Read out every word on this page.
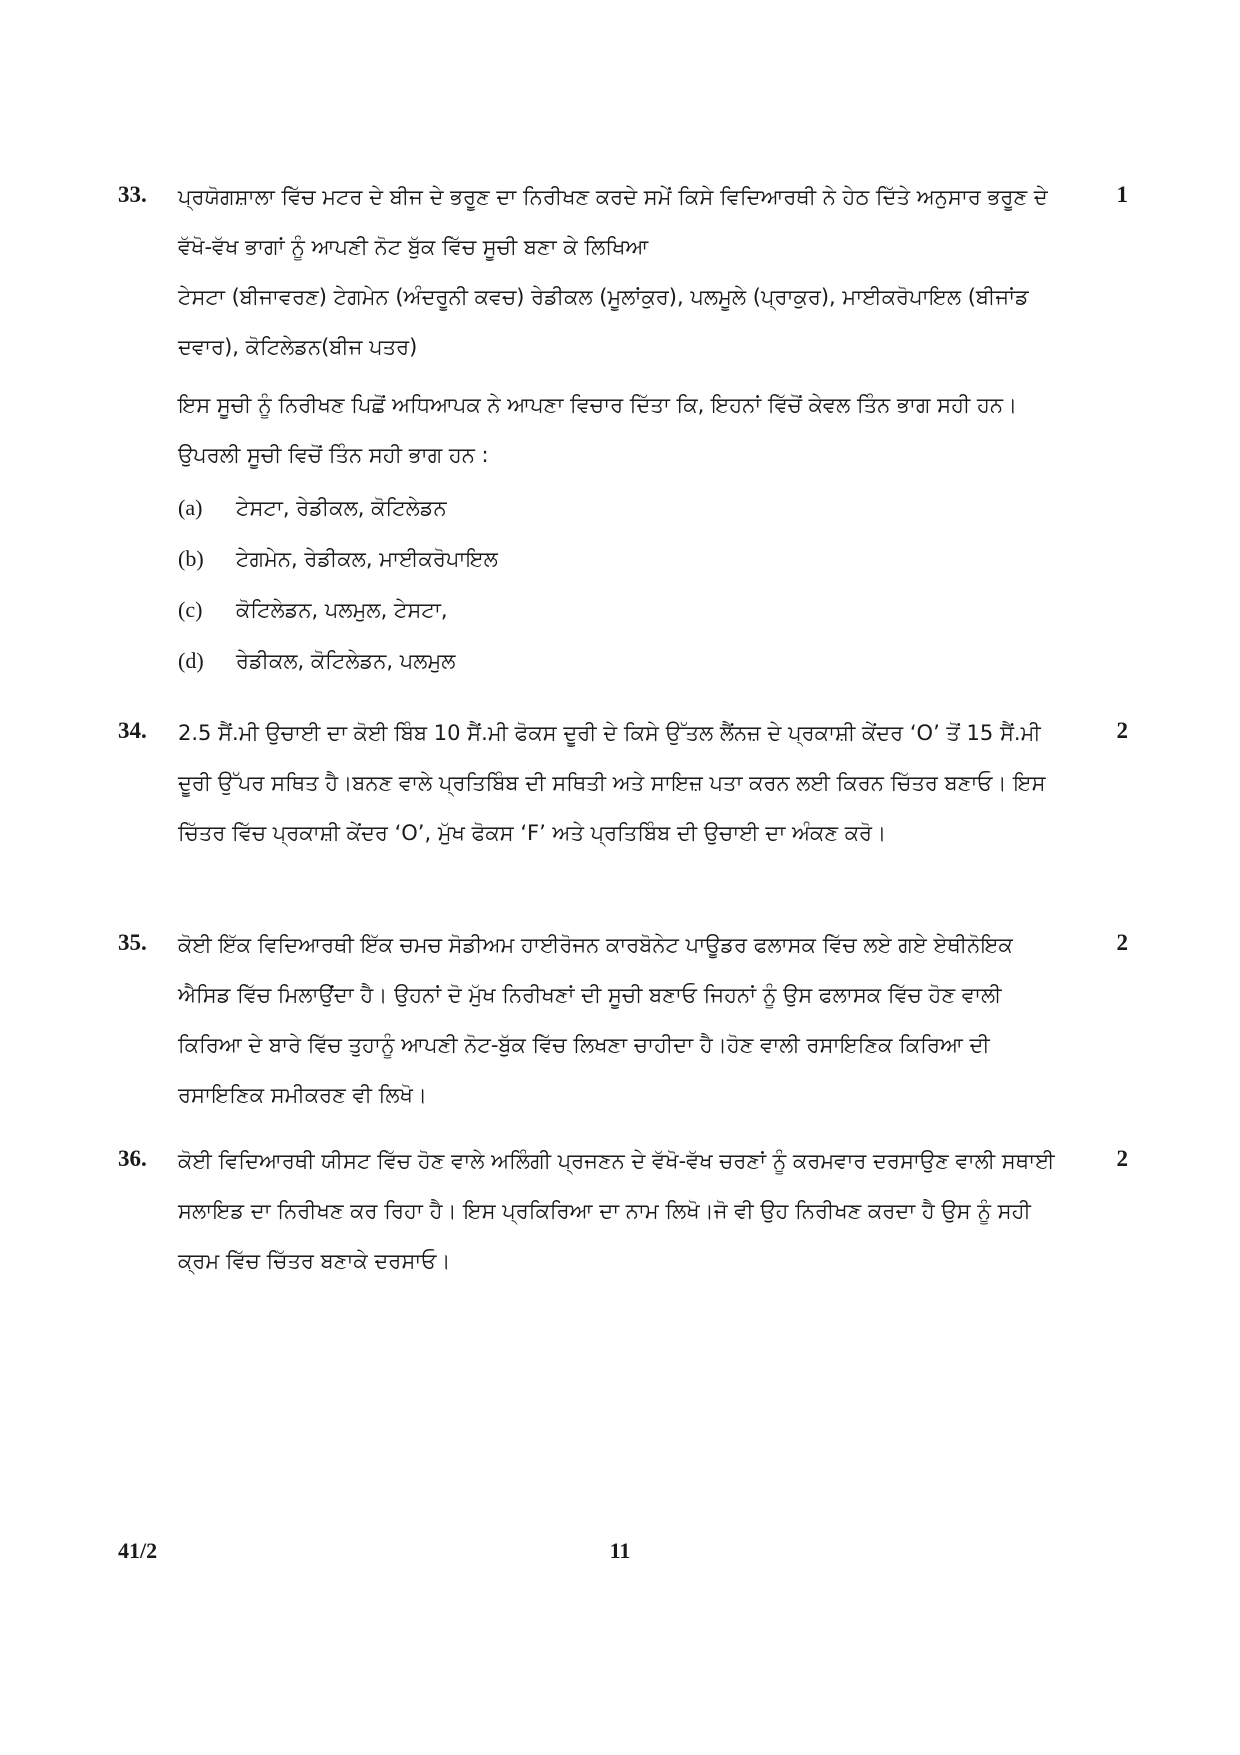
33.	1

ਪ੍ਰਯੋਗਸ਼ਾਲਾ ਵਿੱਚ ਮਟਰ ਦੇ ਬੀਜ ਦੇ ਭਰੂਣ ਦਾ ਨਿਰੀਖਣ ਕਰਦੇ ਸਮੇਂ ਕਿਸੇ ਵਿਦਿਆਰਥੀ ਨੇ ਹੇਠ ਦਿੱਤੇ ਅਨੁਸਾਰ ਭਰੂਣ ਦੇ ਵੱਖੋ-ਵੱਖ ਭਾਗਾਂ ਨੂੰ ਆਪਣੀ ਨੋਟ ਬੁੱਕ ਵਿੱਚ ਸੂਚੀ ਬਣਾ ਕੇ ਲਿਖਿਆ

ਟੇਸਟਾ (ਬੀਜਾਵਰਣ) ਟੇਗਮੇਨ (ਅੰਦਰੂਨੀ ਕਵਚ) ਰੇਡੀਕਲ (ਮੂਲਾਂਕੁਰ), ਪਲਮੂਲੇ (ਪ੍ਰਾਕੁਰ), ਮਾਈਕਰੋਪਾਇਲ (ਬੀਜਾਂਡ ਦਵਾਰ), ਕੋਟਿਲੇਡਨ(ਬੀਜ ਪਤਰ)

ਇਸ ਸੂਚੀ ਨੂੰ ਨਿਰੀਖਣ ਪਿਛੋਂ ਅਧਿਆਪਕ ਨੇ ਆਪਣਾ ਵਿਚਾਰ ਦਿੱਤਾ ਕਿ, ਇਹਨਾਂ ਵਿੱਚੋਂ ਕੇਵਲ ਤਿੰਨ ਭਾਗ ਸਹੀ ਹਨ। ਉਪਰਲੀ ਸੂਚੀ ਵਿਚੋਂ ਤਿੰਨ ਸਹੀ ਭਾਗ ਹਨ :

(a)	ਟੇਸਟਾ, ਰੇਡੀਕਲ, ਕੋਟਿਲੇਡਨ
(b)	ਟੇਗਮੇਨ, ਰੇਡੀਕਲ, ਮਾਈਕਰੋਪਾਇਲ
(c)	ਕੋਟਿਲੇਡਨ, ਪਲਮੁਲ, ਟੇਸਟਾ,
(d)	ਰੇਡੀਕਲ, ਕੋਟਿਲੇਡਨ, ਪਲਮੁਲ
34.	2

2.5 ਸੈਂ.ਮੀ ਉਚਾਈ ਦਾ ਕੋਈ ਬਿੰਬ 10 ਸੈਂ.ਮੀ ਫੋਕਸ ਦੂਰੀ ਦੇ ਕਿਸੇ ਉੱਤਲ ਲੈਂਨਜ਼ ਦੇ ਪ੍ਰਕਾਸ਼ੀ ਕੇਂਦਰ ‘O’ ਤੋਂ 15 ਸੈਂ.ਮੀ ਦੂਰੀ ਉੱਪਰ ਸਥਿਤ ਹੈ।ਬਨਣ ਵਾਲੇ ਪ੍ਰਤਿਬਿੰਬ ਦੀ ਸਥਿਤੀ ਅਤੇ ਸਾਇਜ਼ ਪਤਾ ਕਰਨ ਲਈ ਕਿਰਨ ਚਿੱਤਰ ਬਣਾਓ। ਇਸ ਚਿੱਤਰ ਵਿੱਚ ਪ੍ਰਕਾਸ਼ੀ ਕੇਂਦਰ ‘O’, ਮੁੱਖ ਫੋਕਸ ‘F’ ਅਤੇ ਪ੍ਰਤਿਬਿੰਬ ਦੀ ਉਚਾਈ ਦਾ ਅੰਕਣ ਕਰੋ।

35.	2

ਕੋਈ ਇੱਕ ਵਿਦਿਆਰਥੀ ਇੱਕ ਚਮਚ ਸੋਡੀਅਮ ਹਾਈਰੋਜਨ ਕਾਰਬੋਨੇਟ ਪਾਊਡਰ ਫਲਾਸਕ ਵਿੱਚ ਲਏ ਗਏ ਏਥੀਨੋਇਕ ਐਸਿਡ ਵਿੱਚ ਮਿਲਾਉਂਦਾ ਹੈ। ਉਹਨਾਂ ਦੋ ਮੁੱਖ ਨਿਰੀਖਣਾਂ ਦੀ ਸੂਚੀ ਬਣਾਓ ਜਿਹਨਾਂ ਨੂੰ ਉਸ ਫਲਾਸਕ ਵਿੱਚ ਹੋਣ ਵਾਲੀ ਕਿਰਿਆ ਦੇ ਬਾਰੇ ਵਿੱਚ ਤੁਹਾਨੂੰ ਆਪਣੀ ਨੋਟ-ਬੁੱਕ ਵਿੱਚ ਲਿਖਣਾ ਚਾਹੀਦਾ ਹੈ।ਹੋਣ ਵਾਲੀ ਰਸਾਇਣਿਕ ਕਿਰਿਆ ਦੀ ਰਸਾਇਣਿਕ ਸਮੀਕਰਣ ਵੀ ਲਿਖੋ।

36.	2

ਕੋਈ ਵਿਦਿਆਰਥੀ ਯੀਸਟ ਵਿੱਚ ਹੋਣ ਵਾਲੇ ਅਲਿੰਗੀ ਪ੍ਰਜਣਨ ਦੇ ਵੱਖੋ-ਵੱਖ ਚਰਣਾਂ ਨੂੰ ਕਰਮਵਾਰ ਦਰਸਾਉਣ ਵਾਲੀ ਸਥਾਈ ਸਲਾਇਡ ਦਾ ਨਿਰੀਖਣ ਕਰ ਰਿਹਾ ਹੈ। ਇਸ ਪ੍ਰਕਿਰਿਆ ਦਾ ਨਾਮ ਲਿਖੋ।ਜੋ ਵੀ ਉਹ ਨਿਰੀਖਣ ਕਰਦਾ ਹੈ ਉਸ ਨੂੰ ਸਹੀ ਕ੍ਰਮ ਵਿੱਚ ਚਿੱਤਰ ਬਣਾਕੇ ਦਰਸਾਓ।

41/2	11
